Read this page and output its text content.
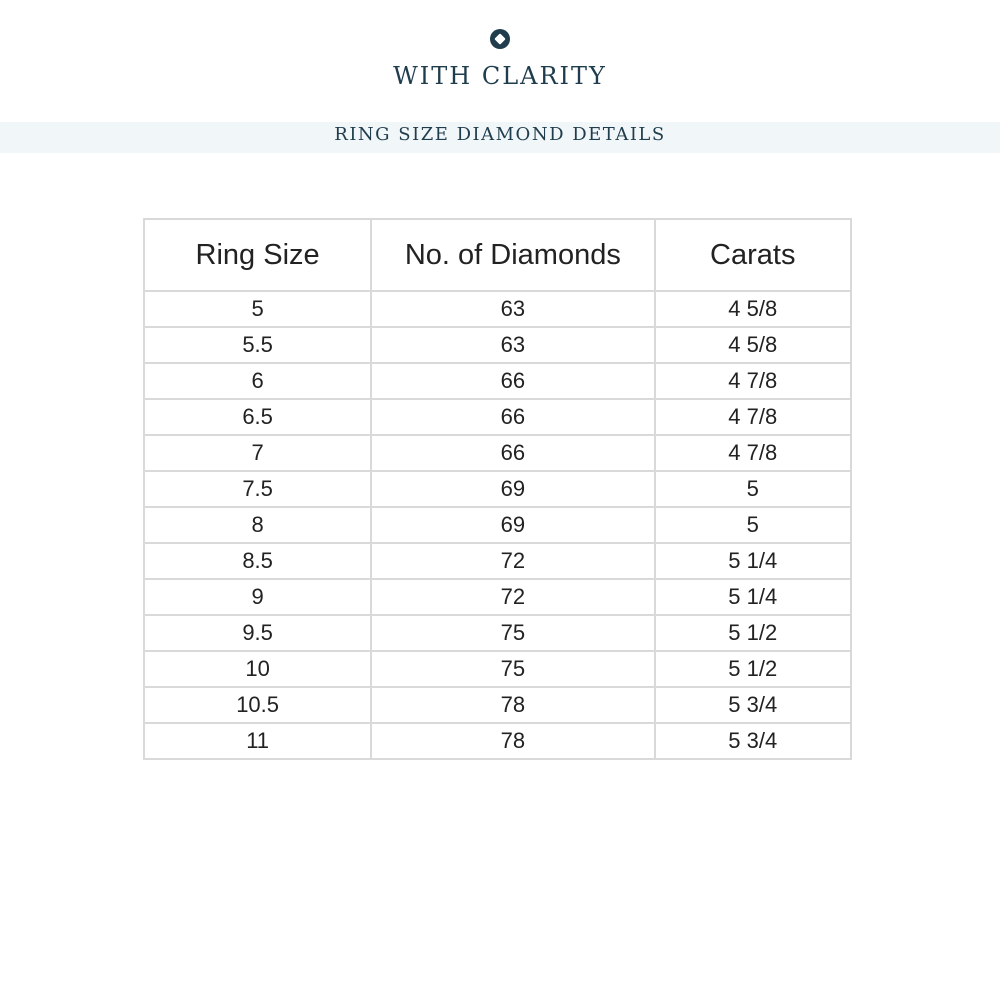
WITH CLARITY
RING SIZE DIAMOND DETAILS
Ring Size	No. of Diamonds	Carats
5	63	4 5/8
5.5	63	4 5/8
6	66	4 7/8
6.5	66	4 7/8
7	66	4 7/8
7.5	69	5
8	69	5
8.5	72	5 1/4
9	72	5 1/4
9.5	75	5 1/2
10	75	5 1/2
10.5	78	5 3/4
11	78	5 3/4
